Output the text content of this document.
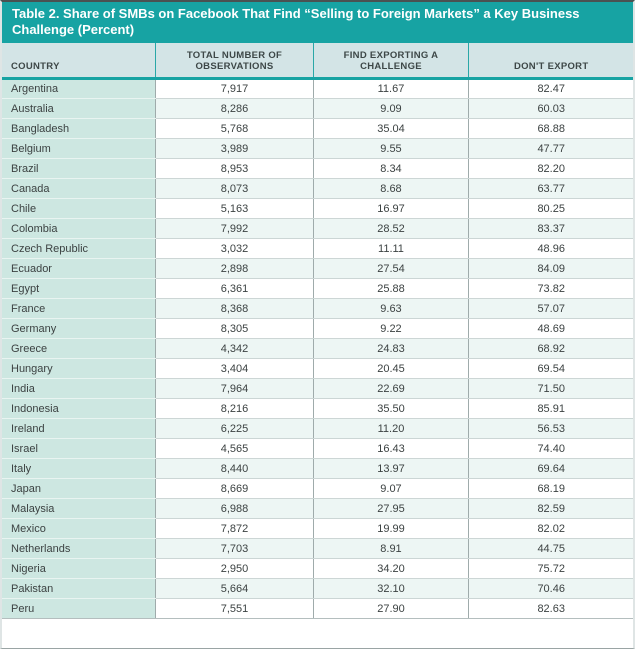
Table 2. Share of SMBs on Facebook That Find “Selling to Foreign Markets” a Key Business Challenge (Percent)
COUNTRY	TOTAL NUMBER OF OBSERVATIONS	FIND EXPORTING A CHALLENGE	DON'T EXPORT
Argentina	7,917	11.67	82.47
Australia	8,286	9.09	60.03
Bangladesh	5,768	35.04	68.88
Belgium	3,989	9.55	47.77
Brazil	8,953	8.34	82.20
Canada	8,073	8.68	63.77
Chile	5,163	16.97	80.25
Colombia	7,992	28.52	83.37
Czech Republic	3,032	11.11	48.96
Ecuador	2,898	27.54	84.09
Egypt	6,361	25.88	73.82
France	8,368	9.63	57.07
Germany	8,305	9.22	48.69
Greece	4,342	24.83	68.92
Hungary	3,404	20.45	69.54
India	7,964	22.69	71.50
Indonesia	8,216	35.50	85.91
Ireland	6,225	11.20	56.53
Israel	4,565	16.43	74.40
Italy	8,440	13.97	69.64
Japan	8,669	9.07	68.19
Malaysia	6,988	27.95	82.59
Mexico	7,872	19.99	82.02
Netherlands	7,703	8.91	44.75
Nigeria	2,950	34.20	75.72
Pakistan	5,664	32.10	70.46
Peru	7,551	27.90	82.63
